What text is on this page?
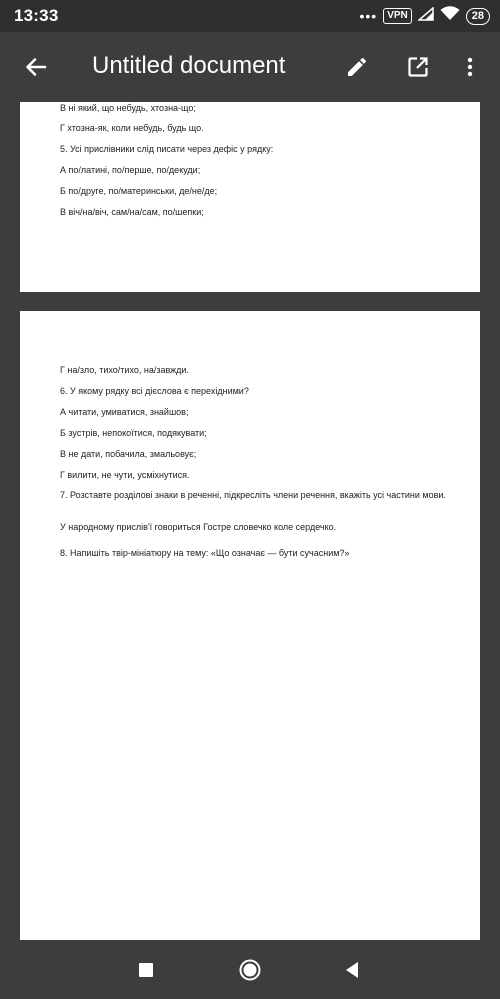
13:33	•••	VPN	28
Untitled document
В ні який, що небудь, хтозна-що;
Г хтозна-як, коли небудь, будь що.
5. Усі прислівники слід писати через дефіс у рядку:
А по/латині, по/перше, по/декуди;
Б по/друге, по/материнськи, де/не/де;
В віч/на/віч, сам/на/сам, по/шепки;
Г на/зло, тихо/тихо, на/завжди.
6. У якому рядку всі дієслова є перехідними?
А читати, умиватися, знайшов;
Б зустрів, непокоїтися, подякувати;
В не дати, побачила, змальовує;
Г вилити, не чути, усміхнутися.
7. Розставте розділові знаки в реченні, підкресліть члени речення, вкажіть усі частини мови.
У народному прислів'ї говориться Гостре словечко коле сердечко.
8. Напишіть твір-мініатюру на тему: «Що означає — бути сучасним?»
